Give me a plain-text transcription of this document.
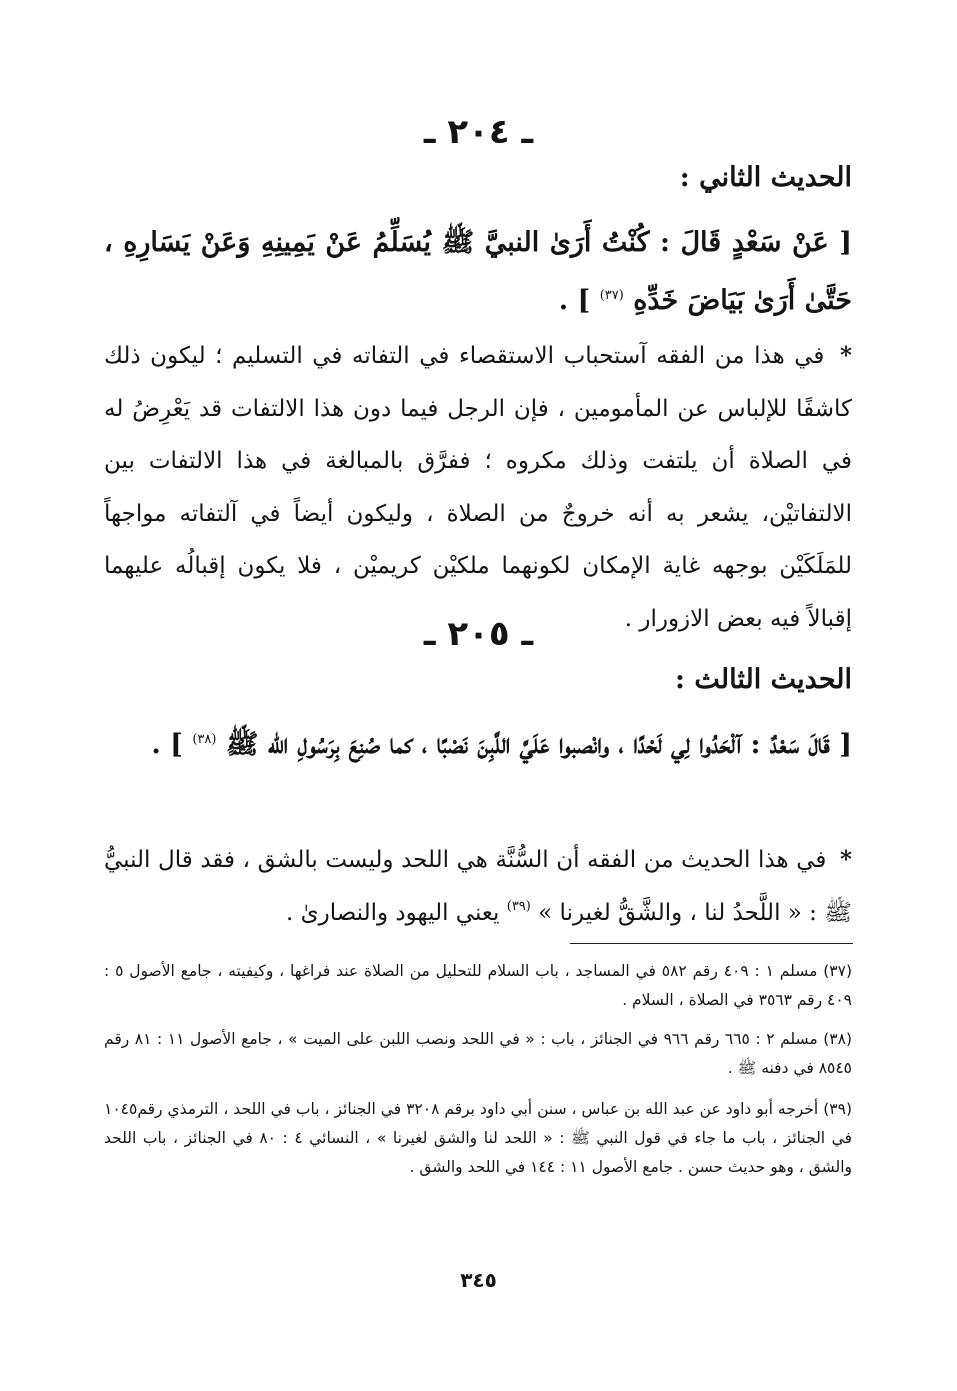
ـ ٢٠٤ ـ
الحديث الثاني :
[ عَنْ سَعْدٍ قَالَ : كُنْتُ أَرَىٰ النبيَّ ﷺ يُسَلِّمُ عَنْ يَمِينِهِ وَعَنْ يَسَارِهِ ، حَتَّىٰ أَرَىٰ بَيَاضَ خَدِّهِ $^{(٣٧)}$ ] .
* في هذا من الفقه آستحباب الاستقصاء في التفاته في التسليم ؛ ليكون ذلك كاشفًا للإلباس عن المأمومين ، فإن الرجل فيما دون هذا الالتفات قد يَعْرِضُ له في الصلاة أن يلتفت وذلك مكروه ؛ ففرَّق بالمبالغة في هذا الالتفات بين الالتفاتيْن، يشعر به أنه خروجٌ من الصلاة ، وليكون أيضاً في آلتفاته مواجهاً للمَلَكَيْن بوجهه غاية الإمكان لكونهما ملكيْن كريميْن ، فلا يكون إقبالُه عليهما إقبالاً فيه بعض الازورار .
ـ ٢٠٥ ـ
الحديث الثالث :
[ قَالَ سَعْدٌ : آلْحَدُوا لِي لَحْدًا ، وانْصبوا عَلَيَّ اللَّبِنَ نَصْبًا ، كما صُنِعَ بِرَسُولِ الله ﷺ $^{(٣٨)}$ ] .
* في هذا الحديث من الفقه أن السُّنَّة هي اللحد وليست بالشق ، فقد قال النبيُّ ﷺ : « اللَّحدُ لنا ، والشَّقُّ لغيرنا » $^{(٣٩)}$ يعني اليهود والنصارىٰ .
(٣٧) مسلم ١ : ٤٠٩ رقم ٥٨٢ في المساجد ، باب السلام للتحليل من الصلاة عند فراغها ، وكيفيته ، جامع الأصول ٥ : ٤٠٩ رقم ٣٥٦٣ في الصلاة ، السلام .
(٣٨) مسلم ٢ : ٦٦٥ رقم ٩٦٦ في الجنائز ، باب : « في اللحد ونصب اللبن على الميت » ، جامع الأصول ١١ : ٨١ رقم ٨٥٤٥ في دفنه ﷺ .
(٣٩) أخرجه أبو داود عن عبد الله بن عباس ، سنن أبي داود برقم ٣٢٠٨ في الجنائز ، باب في اللحد ، الترمذي رقم١٠٤٥ في الجنائز ، باب ما جاء في قول النبي ﷺ : « اللحد لنا والشق لغيرنا » ، النسائي ٤ : ٨٠ في الجنائز ، باب اللحد والشق ، وهو حديث حسن . جامع الأصول ١١ : ١٤٤ في اللحد والشق .
٣٤٥
